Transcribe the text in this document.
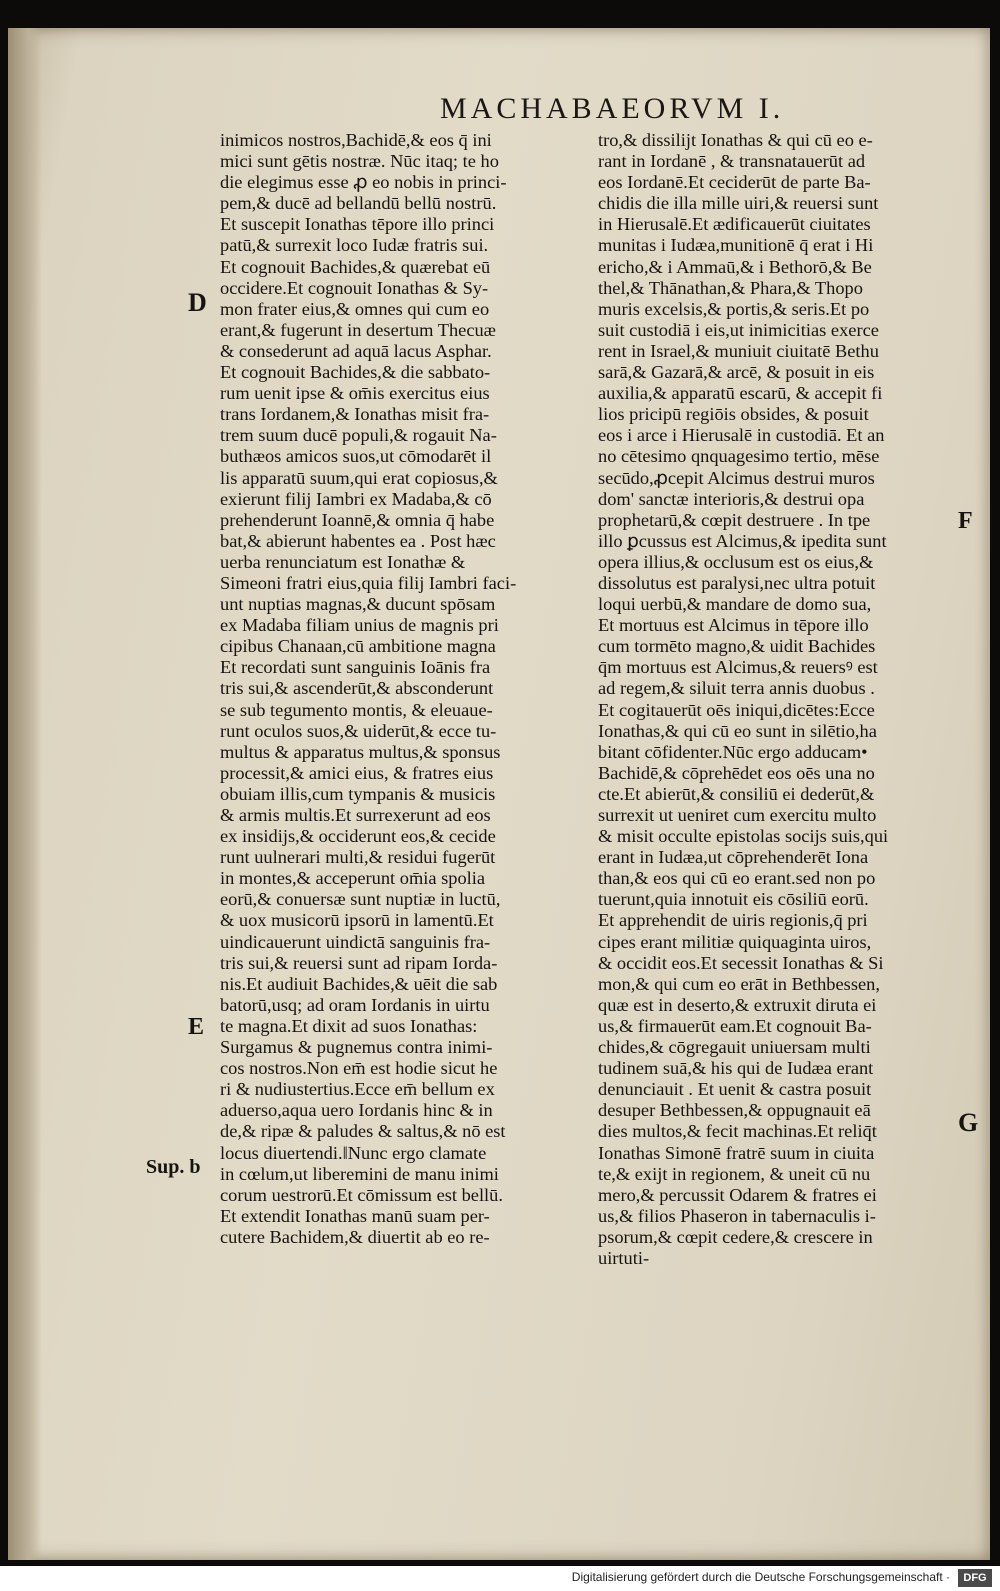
MACHABAEORVM I.
inimicos nostros,Bachidē,& eos q̄ ini
mici sunt gētis nostræ. Nūc itaq; te ho
die elegimus esse ꝓ eo nobis in princi-
pem,& ducē ad bellandū bellū nostrū.
Et suscepit Ionathas tēpore illo princi
patū,& surrexit loco Iudæ fratris sui.
Et cognouit Bachides,& quærebat eū
occidere.Et cognouit Ionathas & Sy-
mon frater eius,& omnes qui cum eo
erant,& fugerunt in desertum Thecuæ
& consederunt ad aquā lacus Asphar.
Et cognouit Bachides,& die sabbato-
rum uenit ipse & om̄is exercitus eius
trans Iordanem,& Ionathas misit fra-
trem suum ducē populi,& rogauit Na-
buthæos amicos suos,ut cōmodarēt il
lis apparatū suum,qui erat copiosus,&
exierunt filij Iambri ex Madaba,& cō
prehenderunt Ioannē,& omnia q̄ habe
bat,& abierunt habentes ea . Post hæc
uerba renunciatum est Ionathæ &
Simeoni fratri eius,quia filij Iambri faci-
unt nuptias magnas,& ducunt spōsam
ex Madaba filiam unius de magnis pri
cipibus Chanaan,cū ambitione magna
Et recordati sunt sanguinis Ioānis fra
tris sui,& ascenderūt,& absconderunt
se sub tegumento montis, & eleuaue-
runt oculos suos,& uiderūt,& ecce tu-
multus & apparatus multus,& sponsus
processit,& amici eius, & fratres eius
obuiam illis,cum tympanis & musicis
& armis multis.Et surrexerunt ad eos
ex insidijs,& occiderunt eos,& cecide
runt uulnerari multi,& residui fugerūt
in montes,& acceperunt om̄ia spolia
eorū,& conuersæ sunt nuptiæ in luctū,
& uox musicorū ipsorū in lamentū.Et
uindicauerunt uindictā sanguinis fra-
tris sui,& reuersi sunt ad ripam Iorda-
nis.Et audiuit Bachides,& uēit die sab
batorū,usq; ad oram Iordanis in uirtu
te magna.Et dixit ad suos Ionathas:
Surgamus & pugnemus contra inimi-
cos nostros.Non em̄ est hodie sicut he
ri & nudiustertius.Ecce em̄ bellum ex
aduerso,aqua uero Iordanis hinc & in
de,& ripæ & paludes & saltus,& nō est
locus diuertendi.‖Nunc ergo clamate
in cœlum,ut liberemini de manu inimi
corum uestrorū.Et cōmissum est bellū.
Et extendit Ionathas manū suam per-
cutere Bachidem,& diuertit ab eo re-
tro,& dissilijt Ionathas & qui cū eo e-
rant in Iordanē , & transnatauerūt ad
eos Iordanē.Et ceciderūt de parte Ba-
chidis die illa mille uiri,& reuersi sunt
in Hierusalē.Et ædificauerūt ciuitates
munitas i Iudæa,munitionē q̄ erat i Hi
ericho,& i Ammaū,& i Bethorō,& Be
thel,& Thānathan,& Phara,& Thopo
muris excelsis,& portis,& seris.Et po
suit custodiā i eis,ut inimicitias exerce
rent in Israel,& muniuit ciuitatē Bethu
sarā,& Gazarā,& arcē, & posuit in eis
auxilia,& apparatū escarū, & accepit fi
lios pricipū regiōis obsides, & posuit
eos i arce i Hierusalē in custodiā. Et an
no cētesimo qnquagesimo tertio, mēse
secūdo,ꝓcepit Alcimus destrui muros
dom' sanctæ interioris,& destrui opa
prophetarū,& cœpit destruere . In tpe
illo ꝑcussus est Alcimus,& ipedita sunt
opera illius,& occlusum est os eius,&
dissolutus est paralysi,nec ultra potuit
loqui uerbū,& mandare de domo sua,
Et mortuus est Alcimus in tēpore illo
cum tormēto magno,& uidit Bachides
q̄m mortuus est Alcimus,& reuersꝰ est
ad regem,& siluit terra annis duobus .
Et cogitauerūt oēs iniqui,dicētes:Ecce
Ionathas,& qui cū eo sunt in silētio,ha
bitant cōfidenter.Nūc ergo adducam•
Bachidē,& cōprehēdet eos oēs una no
cte.Et abierūt,& consiliū ei dederūt,&
surrexit ut ueniret cum exercitu multo
& misit occulte epistolas socijs suis,qui
erant in Iudæa,ut cōprehenderēt Iona
than,& eos qui cū eo erant.sed non po
tuerunt,quia innotuit eis cōsiliū eorū.
Et apprehendit de uiris regionis,q̄ pri
cipes erant militiæ quiquaginta uiros,
& occidit eos.Et secessit Ionathas & Si
mon,& qui cum eo erāt in Bethbessen,
quæ est in deserto,& extruxit diruta ei
us,& firmauerūt eam.Et cognouit Ba-
chides,& cōgregauit uniuersam multi
tudinem suā,& his qui de Iudæa erant
denunciauit . Et uenit & castra posuit
desuper Bethbessen,& oppugnauit eā
dies multos,& fecit machinas.Et reliq̄t
Ionathas Simonē fratrē suum in ciuita
te,& exijt in regionem, & uneit cū nu
mero,& percussit Odarem & fratres ei
us,& filios Phaseron in tabernaculis i-
psorum,& cœpit cedere,& crescere in
uirtuti-
D
E
Sup. b
F
G
Digitalisierung gefördert durch die Deutsche Forschungsgemeinschaft ·	DFG
